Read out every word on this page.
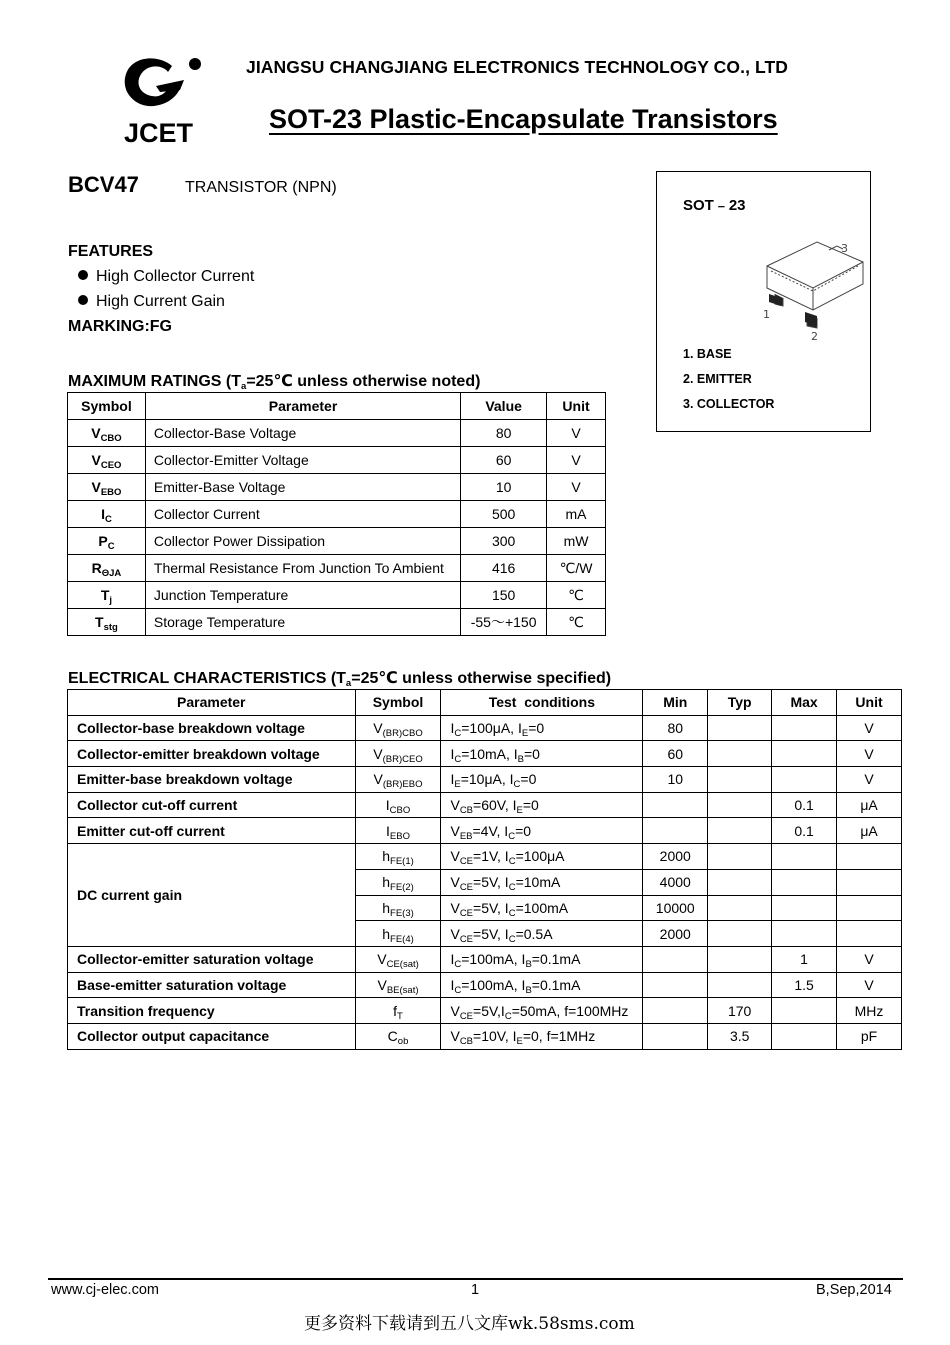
JCET
JIANGSU CHANGJIANG ELECTRONICS TECHNOLOGY CO., LTD
SOT-23 Plastic-Encapsulate Transistors
BCV47	TRANSISTOR (NPN)
FEATURES
High Collector Current
High Current Gain
MARKING:FG
SOT﹣23
3
1
2
1. BASE
2. EMITTER
3. COLLECTOR
MAXIMUM RATINGS ($T_a=25℃$ unless otherwise noted)
Symbol	Parameter	Value	Unit
$V_{CBO}$	Collector-Base Voltage	80	V
$V_{CEO}$	Collector-Emitter Voltage	60	V
$V_{EBO}$	Emitter-Base Voltage	10	V
$I_C$	Collector Current	500	mA
$P_C$	Collector Power Dissipation	300	mW
$R_{\Theta JA}$	Thermal Resistance From Junction To Ambient	416	℃/W
$T_j$	Junction Temperature	150	℃
$T_{stg}$	Storage Temperature	-55～+150	℃
ELECTRICAL CHARACTERISTICS ($T_a=25℃$ unless otherwise specified)
Parameter	Symbol	Test  conditions	Min	Typ	Max	Unit
Collector-base breakdown voltage	$V_{(BR)CBO}$	$I_C=100\mu A$, $I_E=0$	80			V
Collector-emitter breakdown voltage	$V_{(BR)CEO}$	$I_C=10mA$, $I_B=0$	60			V
Emitter-base breakdown voltage	$V_{(BR)EBO}$	$I_E=10\mu A$, $I_C=0$	10			V
Collector cut-off current	$I_{CBO}$	$V_{CB}=60V$, $I_E=0$			0.1	μA
Emitter cut-off current	$I_{EBO}$	$V_{EB}=4V$, $I_C=0$			0.1	μA
DC current gain	$h_{FE(1)}$	$V_{CE}=1V$, $I_C=100\mu A$	2000			
	$h_{FE(2)}$	$V_{CE}=5V$, $I_C=10mA$	4000			
	$h_{FE(3)}$	$V_{CE}=5V$, $I_C=100mA$	10000			
	$h_{FE(4)}$	$V_{CE}=5V$, $I_C=0.5A$	2000			
Collector-emitter saturation voltage	$V_{CE(sat)}$	$I_C=100mA$, $I_B=0.1mA$			1	V
Base-emitter saturation voltage	$V_{BE(sat)}$	$I_C=100mA$, $I_B=0.1mA$			1.5	V
Transition frequency	$f_T$	$V_{CE}=5V,I_C=50mA$, f=100MHz		170		MHz
Collector output capacitance	$C_{ob}$	$V_{CB}=10V$, $I_E=0$, f=1MHz		3.5		pF
www.cj-elec.com	1	B,Sep,2014
更多资料下载请到五八文库wk.58sms.com
